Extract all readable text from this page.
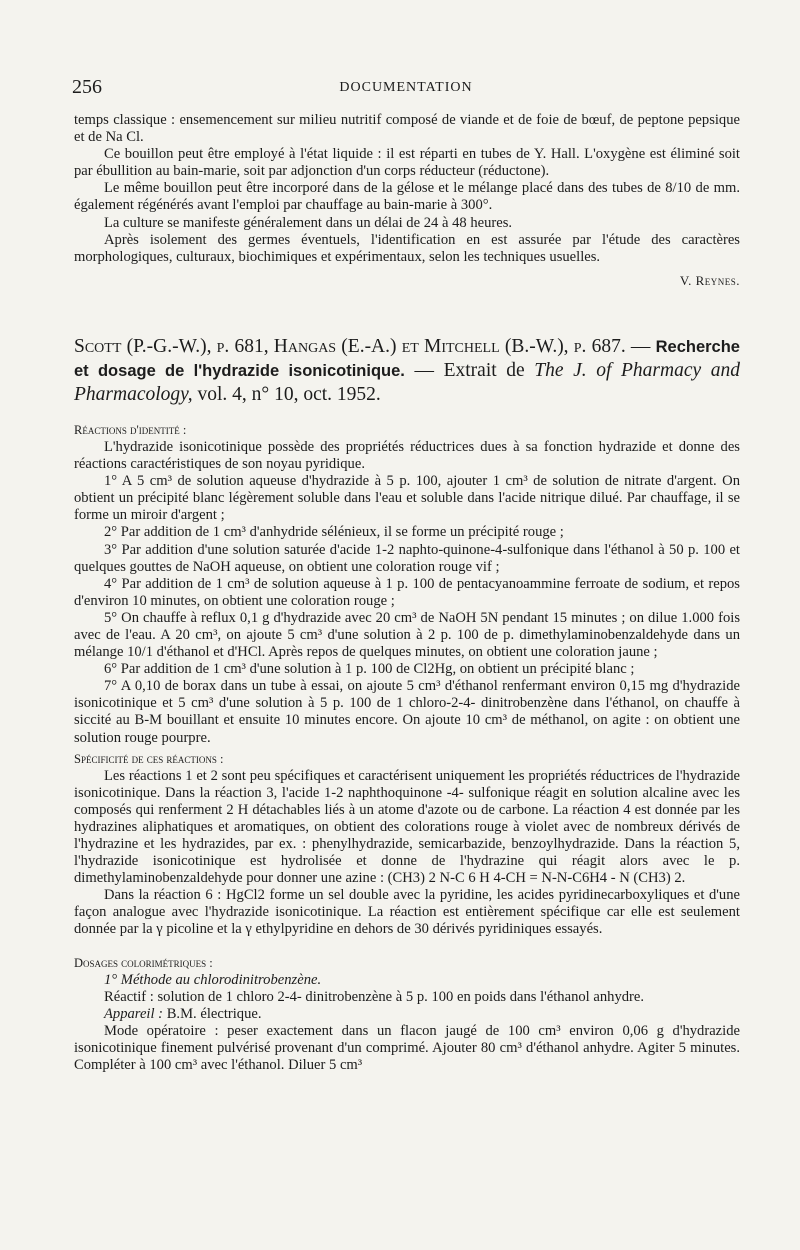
256	DOCUMENTATION

temps classique : ensemencement sur milieu nutritif composé de viande et de foie de bœuf, de peptone pepsique et de Na Cl.

Ce bouillon peut être employé à l'état liquide : il est réparti en tubes de Y. Hall. L'oxygène est éliminé soit par ébullition au bain-marie, soit par adjonction d'un corps réducteur (réductone).

Le même bouillon peut être incorporé dans de la gélose et le mélange placé dans des tubes de 8/10 de mm. également régénérés avant l'emploi par chauffage au bain-marie à 300°.

La culture se manifeste généralement dans un délai de 24 à 48 heures.

Après isolement des germes éventuels, l'identification en est assurée par l'étude des caractères morphologiques, culturaux, biochimiques et expérimentaux, selon les techniques usuelles.

V. Reynes.

Scott (P.-G.-W.), p. 681, Hangas (E.-A.) et Mitchell (B.-W.), p. 687. — Recherche et dosage de l'hydrazide isonicotinique. — Extrait de The J. of Pharmacy and Pharmacology, vol. 4, n° 10, oct. 1952.

Réactions d'identité :

L'hydrazide isonicotinique possède des propriétés réductrices dues à sa fonction hydrazide et donne des réactions caractéristiques de son noyau pyridique.

1° A 5 cm³ de solution aqueuse d'hydrazide à 5 p. 100, ajouter 1 cm³ de solution de nitrate d'argent. On obtient un précipité blanc légèrement soluble dans l'eau et soluble dans l'acide nitrique dilué. Par chauffage, il se forme un miroir d'argent ;

2° Par addition de 1 cm³ d'anhydride sélénieux, il se forme un précipité rouge ;

3° Par addition d'une solution saturée d'acide 1-2 naphto-quinone-4-sulfonique dans l'éthanol à 50 p. 100 et quelques gouttes de NaOH aqueuse, on obtient une coloration rouge vif ;

4° Par addition de 1 cm³ de solution aqueuse à 1 p. 100 de pentacyanoammine ferroate de sodium, et repos d'environ 10 minutes, on obtient une coloration rouge ;

5° On chauffe à reflux 0,1 g d'hydrazide avec 20 cm³ de NaOH 5N pendant 15 minutes ; on dilue 1.000 fois avec de l'eau. A 20 cm³, on ajoute 5 cm³ d'une solution à 2 p. 100 de p. dimethylaminobenzaldehyde dans un mélange 10/1 d'éthanol et d'HCl. Après repos de quelques minutes, on obtient une coloration jaune ;

6° Par addition de 1 cm³ d'une solution à 1 p. 100 de Cl2Hg, on obtient un précipité blanc ;

7° A 0,10 de borax dans un tube à essai, on ajoute 5 cm³ d'éthanol renfermant environ 0,15 mg d'hydrazide isonicotinique et 5 cm³ d'une solution à 5 p. 100 de 1 chloro-2-4- dinitrobenzène dans l'éthanol, on chauffe à siccité au B-M bouillant et ensuite 10 minutes encore. On ajoute 10 cm³ de méthanol, on agite : on obtient une solution rouge pourpre.

Spécificité de ces réactions :

Les réactions 1 et 2 sont peu spécifiques et caractérisent uniquement les propriétés réductrices de l'hydrazide isonicotinique. Dans la réaction 3, l'acide 1-2 naphthoquinone -4- sulfonique réagit en solution alcaline avec les composés qui renferment 2 H détachables liés à un atome d'azote ou de carbone. La réaction 4 est donnée par les hydrazines aliphatiques et aromatiques, on obtient des colorations rouge à violet avec de nombreux dérivés de l'hydrazine et les hydrazides, par ex. : phenylhydrazide, semicarbazide, benzoylhydrazide. Dans la réaction 5, l'hydrazide isonicotinique est hydrolisée et donne de l'hydrazine qui réagit alors avec le p. dimethylaminobenzaldehyde pour donner une azine : (CH3) 2 N-C 6 H 4-CH = N-N-C6H4 - N (CH3) 2.

Dans la réaction 6 : HgCl2 forme un sel double avec la pyridine, les acides pyridinecarboxyliques et d'une façon analogue avec l'hydrazide isonicotinique. La réaction est entièrement spécifique car elle est seulement donnée par la γ picoline et la γ ethylpyridine en dehors de 30 dérivés pyridiniques essayés.

Dosages colorimétriques :

1° Méthode au chlorodinitrobenzène.

Réactif : solution de 1 chloro 2-4- dinitrobenzène à 5 p. 100 en poids dans l'éthanol anhydre.

Appareil : B.M. électrique.

Mode opératoire : peser exactement dans un flacon jaugé de 100 cm³ environ 0,06 g d'hydrazide isonicotinique finement pulvérisé provenant d'un comprimé. Ajouter 80 cm³ d'éthanol anhydre. Agiter 5 minutes. Compléter à 100 cm³ avec l'éthanol. Diluer 5 cm³
